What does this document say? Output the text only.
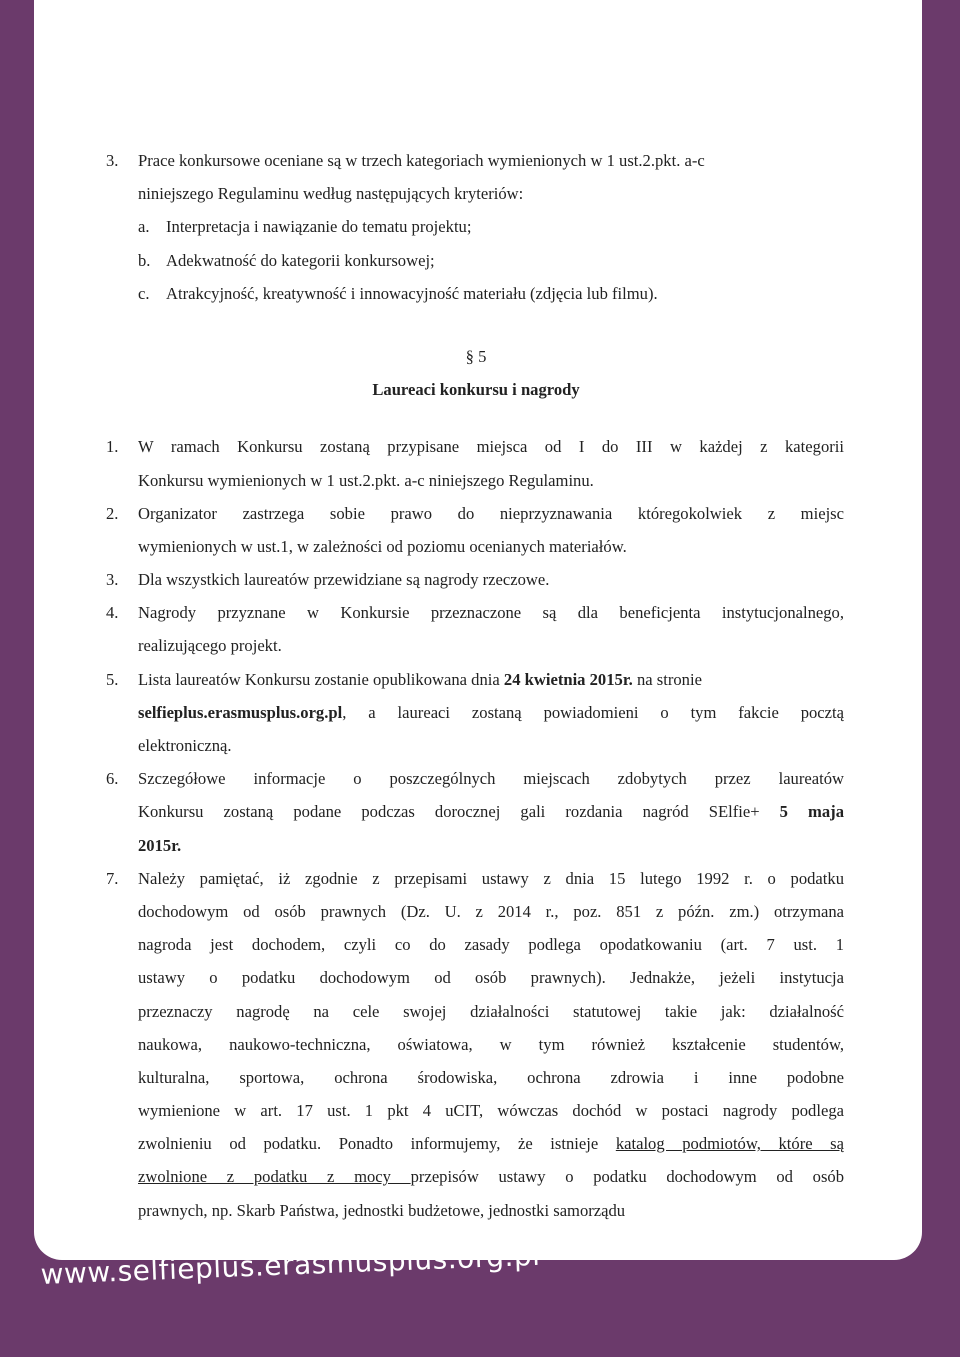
3.	Prace konkursowe oceniane są w trzech kategoriach wymienionych w 1 ust.2.pkt. a-c
niniejszego Regulaminu według następujących kryteriów:
a. Interpretacja i nawiązanie do tematu projektu;
b. Adekwatność do kategorii konkursowej;
c. Atrakcyjność, kreatywność i innowacyjność materiału (zdjęcia lub filmu).
§ 5
Laureaci konkursu i nagrody
1.	W ramach Konkursu zostaną przypisane miejsca od I do III w każdej z kategorii
Konkursu wymienionych w 1 ust.2.pkt. a-c niniejszego Regulaminu.
2.	Organizator zastrzega sobie prawo do nieprzyznawania któregokolwiek z miejsc
wymienionych w ust.1, w zależności od poziomu ocenianych materiałów.
3.	Dla wszystkich laureatów przewidziane są nagrody rzeczowe.
4.	Nagrody przyznane w Konkursie przeznaczone są dla beneficjenta instytucjonalnego,
realizującego projekt.
5.	Lista laureatów Konkursu zostanie opublikowana dnia 24 kwietnia 2015r. na stronie
selfieplus.erasmusplus.org.pl, a laureaci zostaną powiadomieni o tym fakcie pocztą
elektroniczną.
6.	Szczegółowe informacje o poszczególnych miejscach zdobytych przez laureatów
Konkursu zostaną podane podczas dorocznej gali rozdania nagród SElfie+ 5 maja
2015r.
7.	Należy pamiętać, iż zgodnie z przepisami ustawy z dnia 15 lutego 1992 r. o podatku
dochodowym od osób prawnych (Dz. U. z 2014 r., poz. 851 z późn. zm.) otrzymana
nagroda jest dochodem, czyli co do zasady podlega opodatkowaniu (art. 7 ust. 1
ustawy o podatku dochodowym od osób prawnych). Jednakże, jeżeli instytucja
przeznaczy nagrodę na cele swojej działalności statutowej takie jak: działalność
naukowa, naukowo-techniczna, oświatowa, w tym również kształcenie studentów,
kulturalna, sportowa, ochrona środowiska, ochrona zdrowia i inne podobne
wymienione w art. 17 ust. 1 pkt 4 uCIT, wówczas dochód w postaci nagrody podlega
zwolnieniu od podatku. Ponadto informujemy, że istnieje katalog podmiotów, które są
zwolnione z podatku z mocy przepisów ustawy o podatku dochodowym od osób
prawnych, np. Skarb Państwa, jednostki budżetowe, jednostki samorządu
www.selfieplus.erasmusplus.org.pl
